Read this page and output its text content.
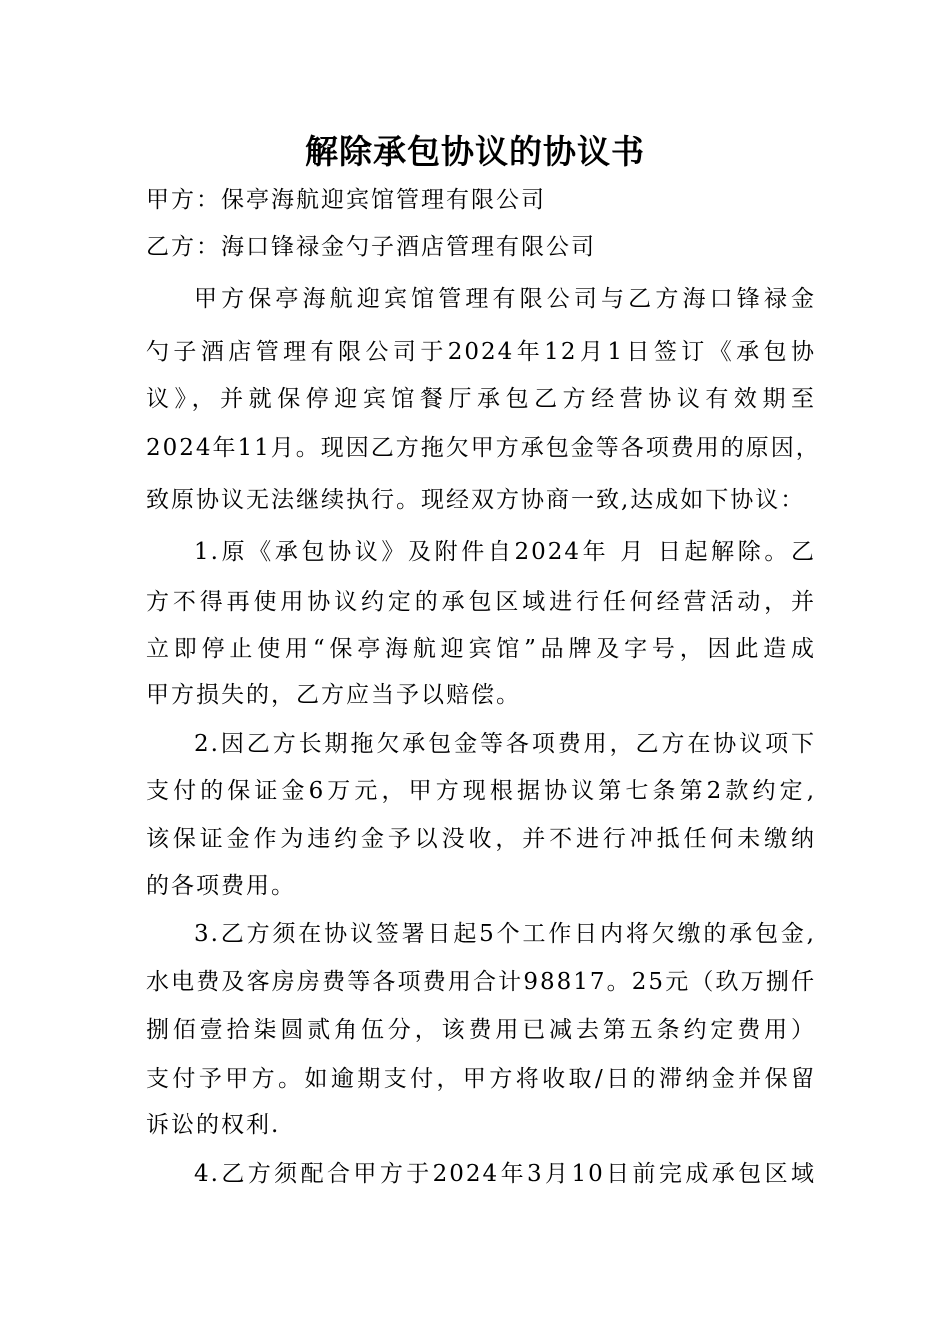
解除承包协议的协议书
甲方：保亭海航迎宾馆管理有限公司
乙方：海口锋禄金勺子酒店管理有限公司
甲方保亭海航迎宾馆管理有限公司与乙方海口锋禄金
勺子酒店管理有限公司于2024年12月1日签订《承包协
议》，并就保停迎宾馆餐厅承包乙方经营协议有效期至
2024年11月。现因乙方拖欠甲方承包金等各项费用的原因，
致原协议无法继续执行。现经双方协商一致,达成如下协议：
1.原《承包协议》及附件自2024年 月 日起解除。乙
方不得再使用协议约定的承包区域进行任何经营活动，并
立即停止使用“保亭海航迎宾馆”品牌及字号，因此造成
甲方损失的，乙方应当予以赔偿。
2.因乙方长期拖欠承包金等各项费用，乙方在协议项下
支付的保证金6万元，甲方现根据协议第七条第2款约定,
该保证金作为违约金予以没收，并不进行冲抵任何未缴纳
的各项费用。
3.乙方须在协议签署日起5个工作日内将欠缴的承包金,
水电费及客房房费等各项费用合计98817。25元（玖万捌仟
捌佰壹拾柒圆贰角伍分，该费用已减去第五条约定费用）
支付予甲方。如逾期支付，甲方将收取/日的滞纳金并保留
诉讼的权利.
4.乙方须配合甲方于2024年3月10日前完成承包区域
